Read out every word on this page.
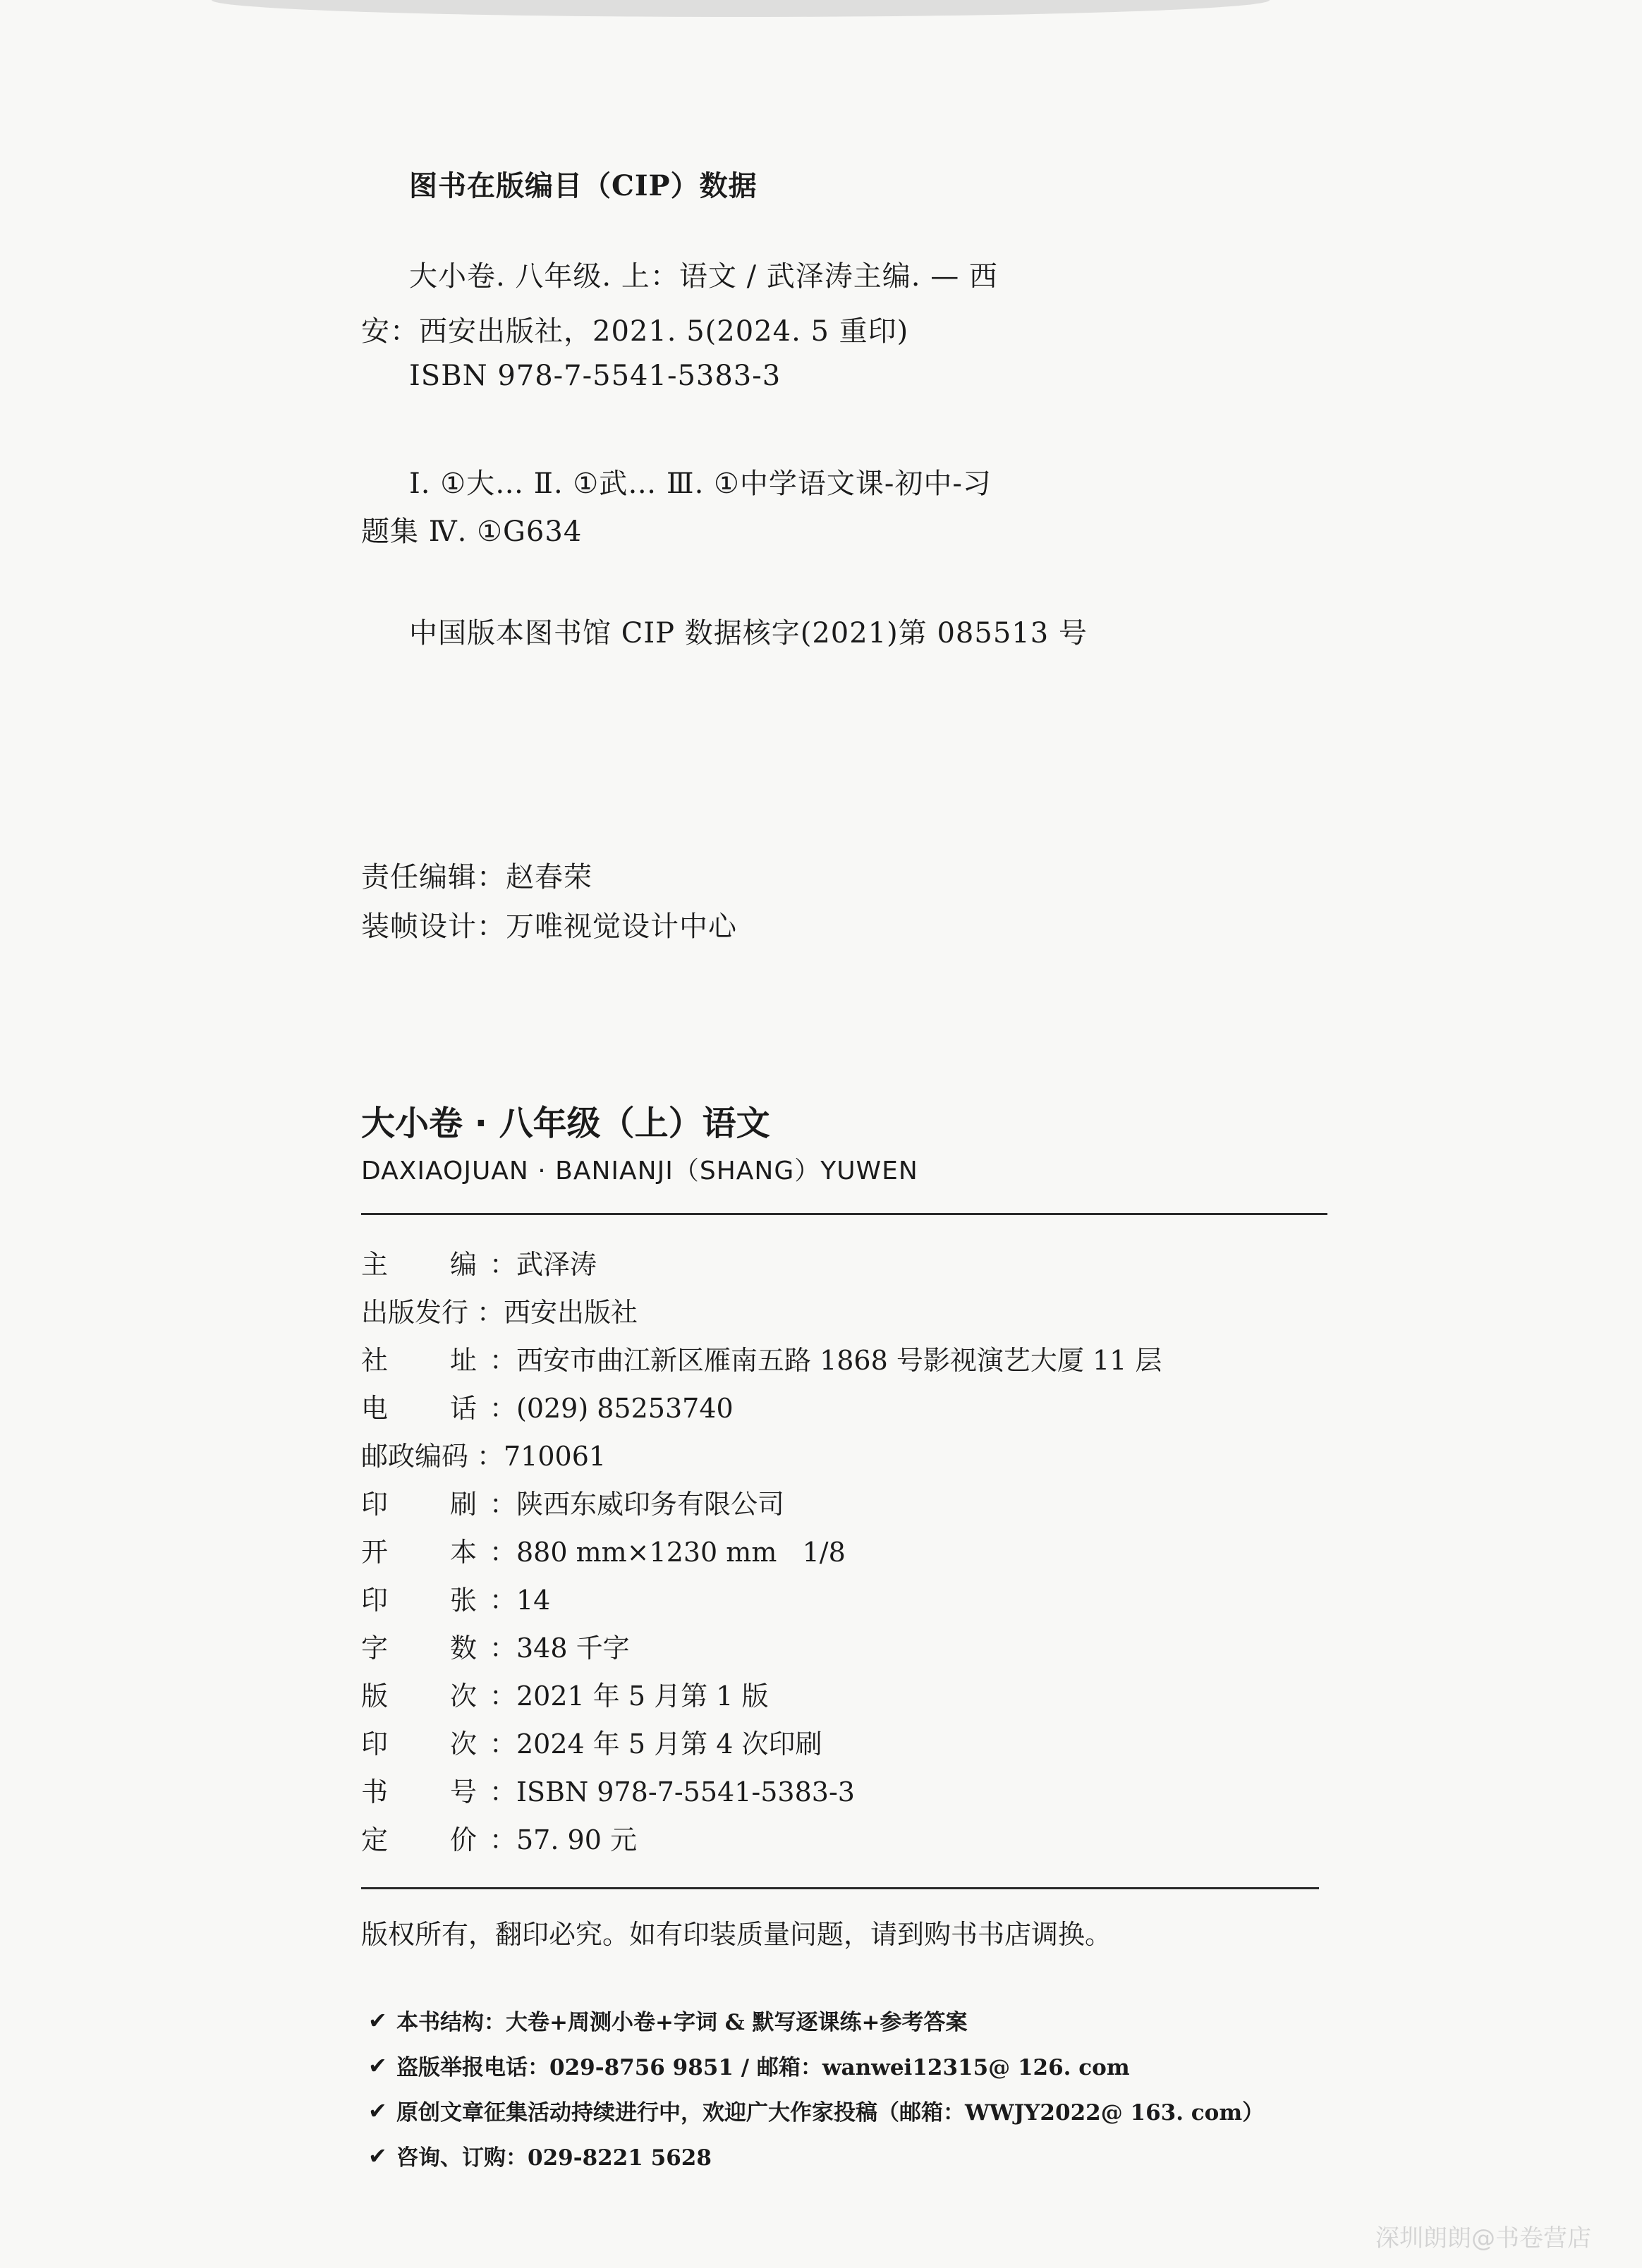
图书在版编目（CIP）数据
大小卷. 八年级. 上：语文 / 武泽涛主编. — 西
安：西安出版社，2021. 5(2024. 5 重印)
ISBN 978-7-5541-5383-3
Ⅰ. ①大… Ⅱ. ①武… Ⅲ. ①中学语文课-初中-习
题集 Ⅳ. ①G634
中国版本图书馆 CIP 数据核字(2021)第 085513 号
责任编辑：赵春荣
装帧设计：万唯视觉设计中心
大小卷 · 八年级（上）语文
DAXIAOJUAN · BANIANJI（SHANG）YUWEN
主 编 ：武泽涛
出版发行 ：西安出版社
社 址 ：西安市曲江新区雁南五路 1868 号影视演艺大厦 11 层
电 话 ：(029) 85253740
邮政编码 ：710061
印 刷 ：陕西东威印务有限公司
开 本 ：880 mm×1230 mm   1/8
印 张 ：14
字 数 ：348 千字
版 次 ：2021 年 5 月第 1 版
印 次 ：2024 年 5 月第 4 次印刷
书 号 ：ISBN 978-7-5541-5383-3
定 价 ：57. 90 元
版权所有，翻印必究。如有印装质量问题，请到购书书店调换。
✔ 本书结构：大卷+周测小卷+字词 & 默写逐课练+参考答案
✔ 盗版举报电话：029-8756 9851 / 邮箱：wanwei12315@ 126. com
✔ 原创文章征集活动持续进行中，欢迎广大作家投稿（邮箱：WWJY2022@ 163. com）
✔ 咨询、订购：029-8221 5628
深圳朗朗@书卷营店
